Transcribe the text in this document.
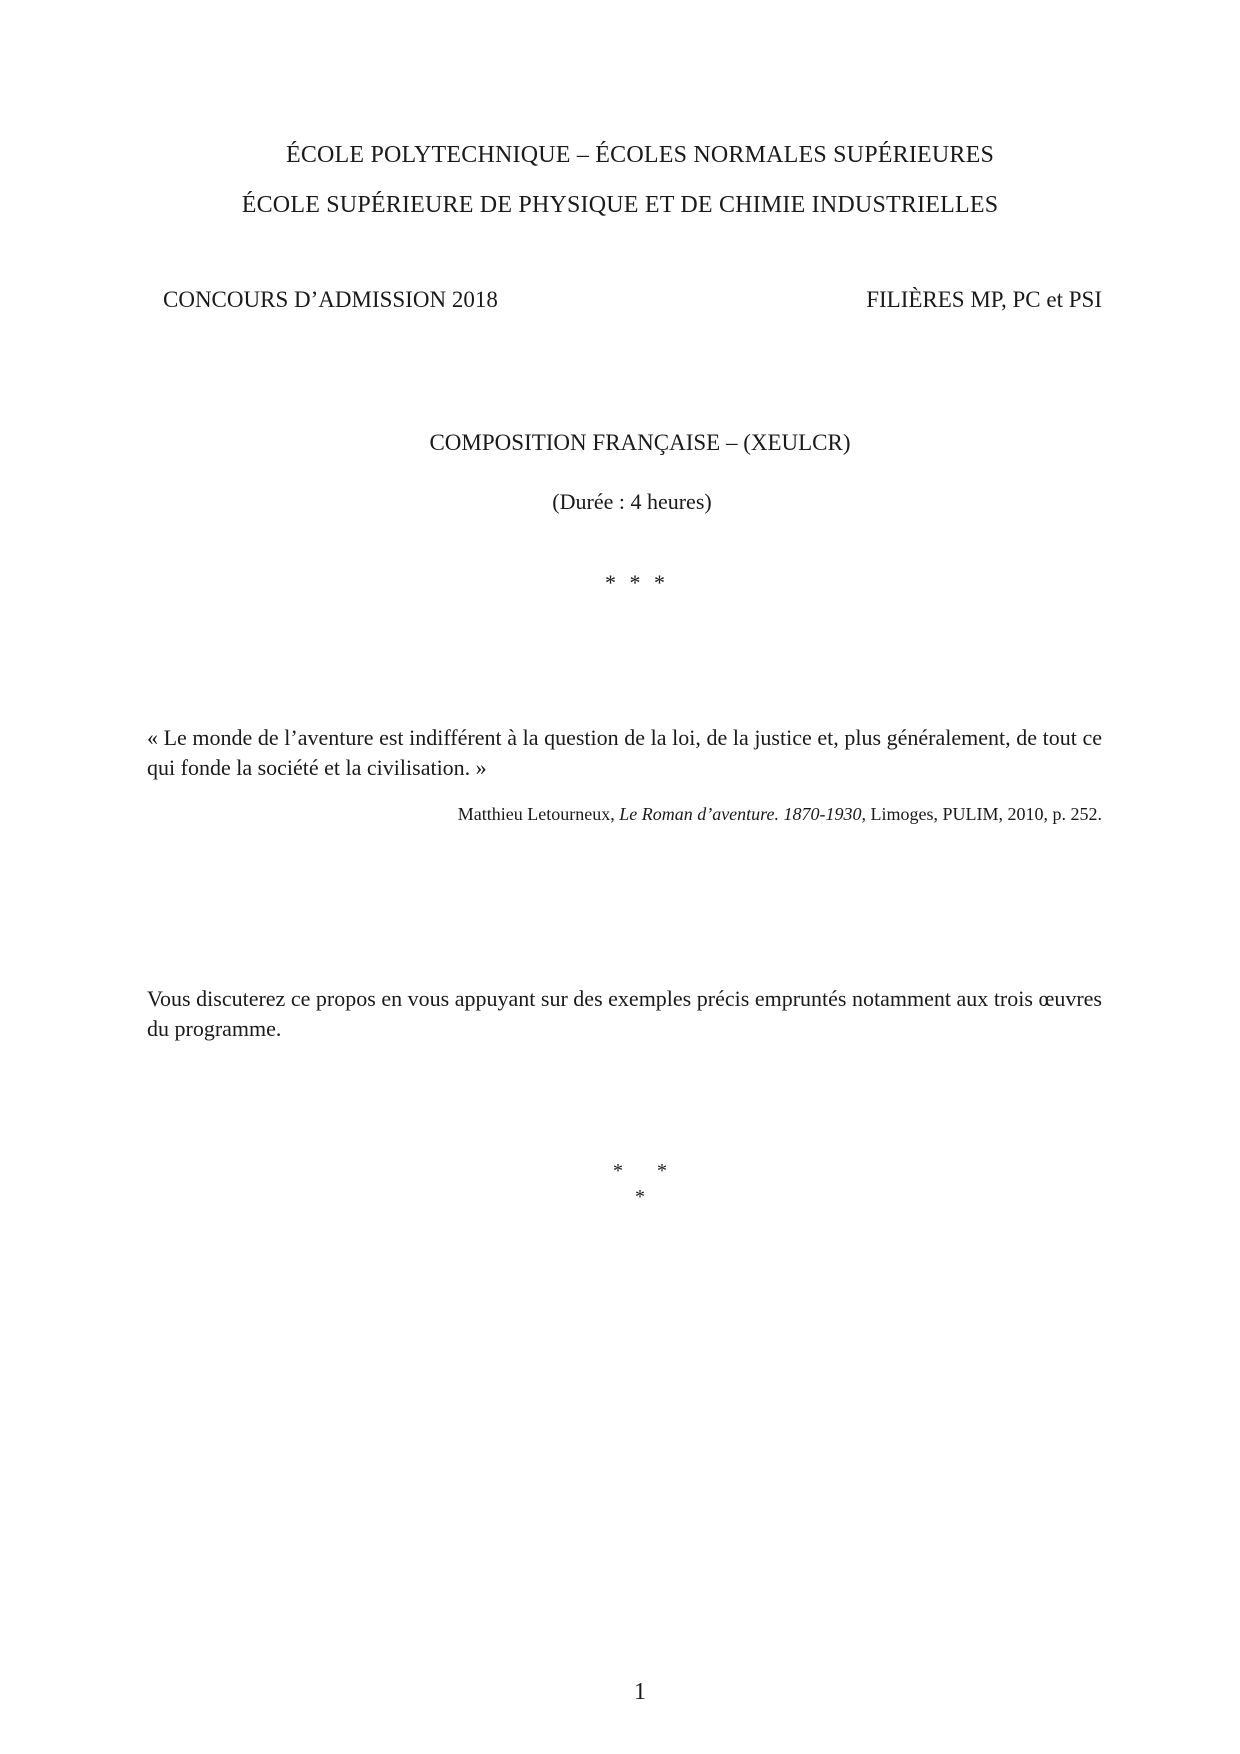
ÉCOLE POLYTECHNIQUE – ÉCOLES NORMALES SUPÉRIEURES

ÉCOLE SUPÉRIEURE DE PHYSIQUE ET DE CHIMIE INDUSTRIELLES

CONCOURS D’ADMISSION 2018	FILIÈRES MP, PC et PSI

COMPOSITION FRANÇAISE – (XEULCR)

(Durée : 4 heures)

* * *

« Le monde de l’aventure est indifférent à la question de la loi, de la justice et, plus généralement, de tout ce qui fonde la société et la civilisation. »

Matthieu Letourneux, Le Roman d’aventure. 1870-1930, Limoges, PULIM, 2010, p. 252.

Vous discuterez ce propos en vous appuyant sur des exemples précis empruntés notamment aux trois œuvres du programme.

* *

*

1
